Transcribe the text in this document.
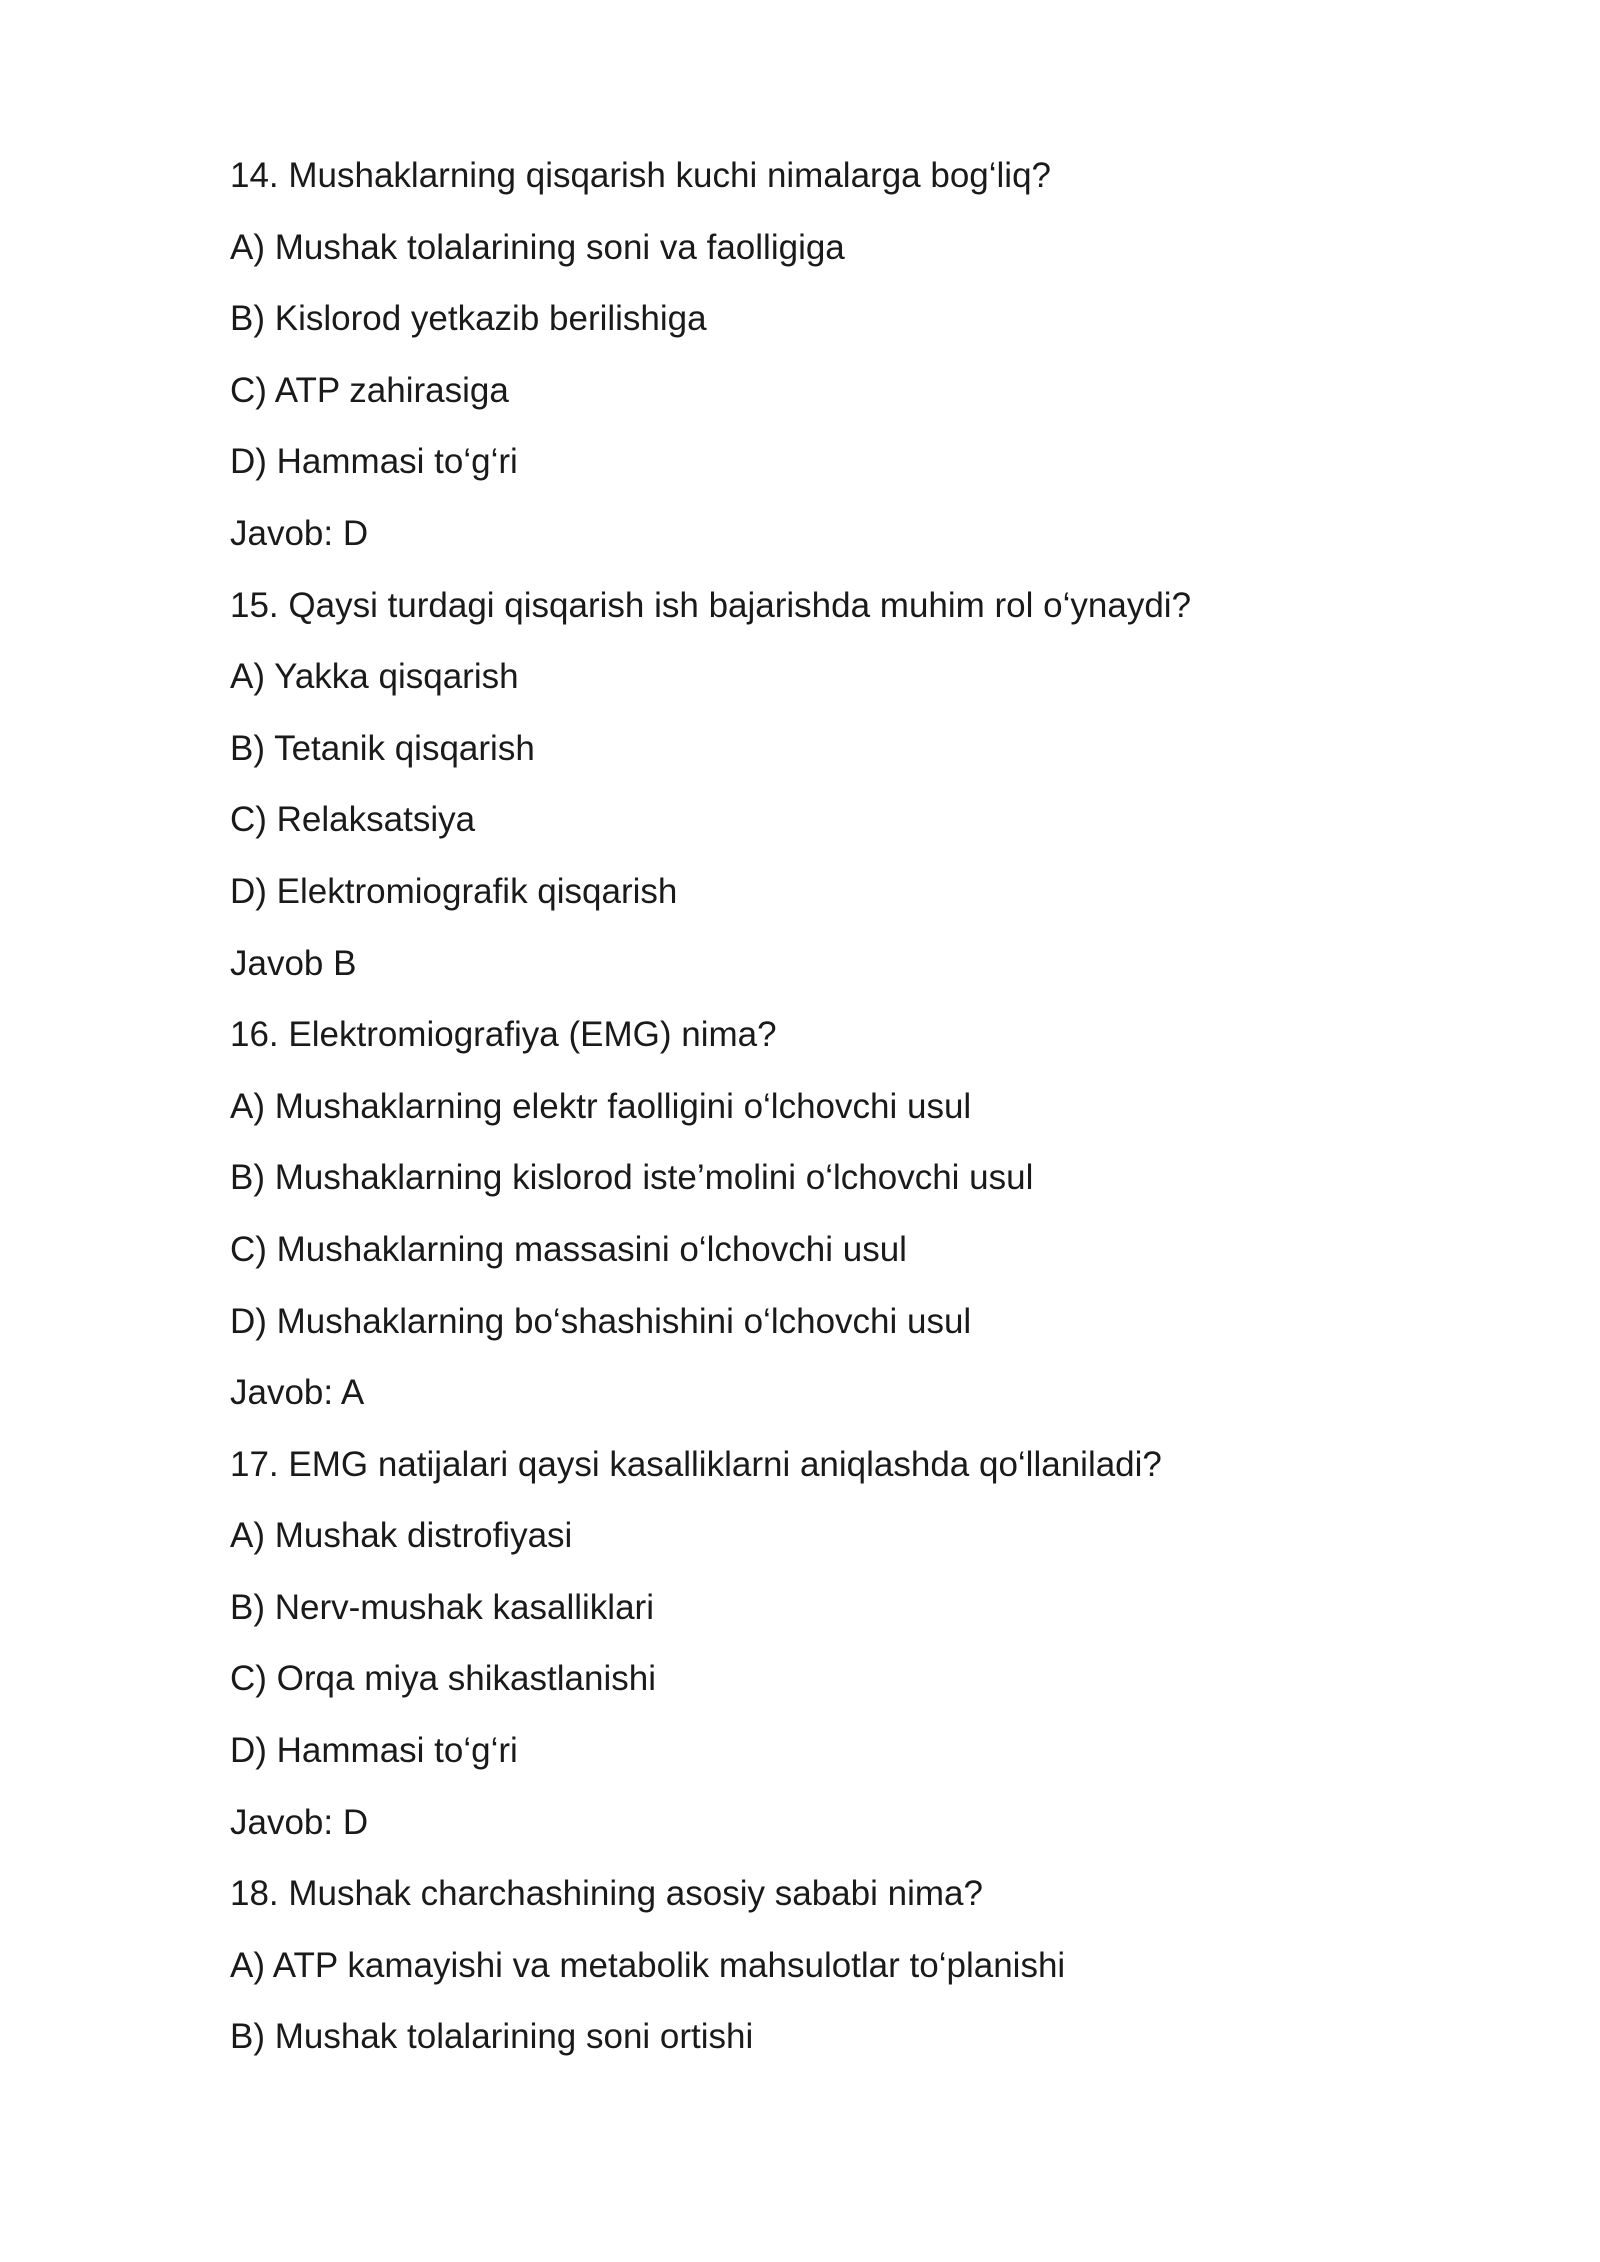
14. Mushaklarning qisqarish kuchi nimalarga bog‘liq?
A) Mushak tolalarining soni va faolligiga
B) Kislorod yetkazib berilishiga
C) ATP zahirasiga
D) Hammasi to‘g‘ri
Javob: D
15. Qaysi turdagi qisqarish ish bajarishda muhim rol o‘ynaydi?
A) Yakka qisqarish
B) Tetanik qisqarish
C) Relaksatsiya
D) Elektromiografik qisqarish
Javob B
16. Elektromiografiya (EMG) nima?
A) Mushaklarning elektr faolligini o‘lchovchi usul
B) Mushaklarning kislorod iste’molini o‘lchovchi usul
C) Mushaklarning massasini o‘lchovchi usul
D) Mushaklarning bo‘shashishini o‘lchovchi usul
Javob: A
17. EMG natijalari qaysi kasalliklarni aniqlashda qo‘llaniladi?
A) Mushak distrofiyasi
B) Nerv-mushak kasalliklari
C) Orqa miya shikastlanishi
D) Hammasi to‘g‘ri
Javob: D
18. Mushak charchashining asosiy sababi nima?
A) ATP kamayishi va metabolik mahsulotlar to‘planishi
B) Mushak tolalarining soni ortishi
